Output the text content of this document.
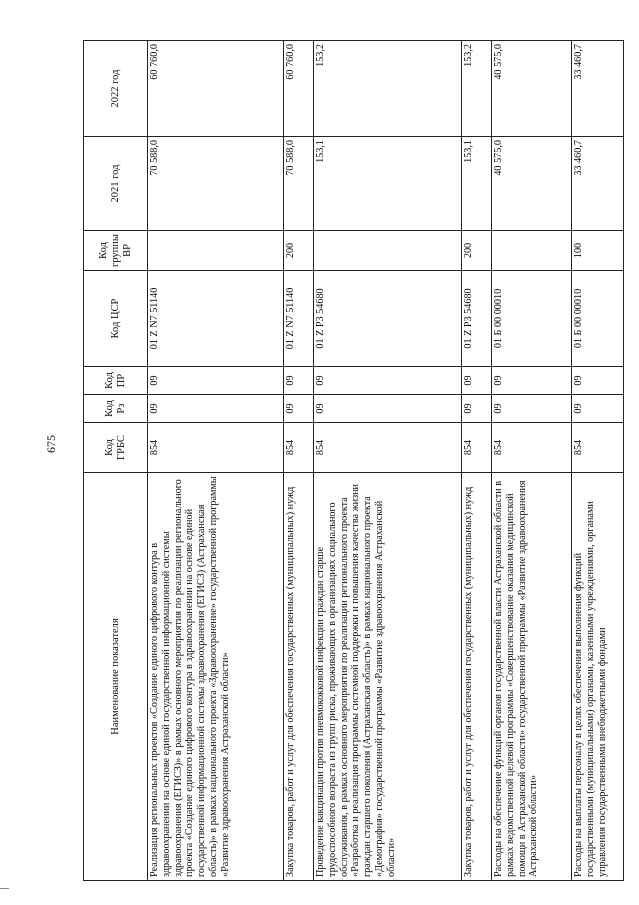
675
Наименование показателя	Код ГРБС	Код Рз	Код ПР	Код ЦСР	Код группы ВР	2021 год	2022 год
Реализация региональных проектов «Создание единого цифрового контура в здравоохранении на основе единой государственной информационной системы здравоохранения (ЕГИСЗ)» в рамках основного мероприятия по реализации регионального проекта «Создание единого цифрового контура в здравоохранении на основе единой государственной информационной системы здравоохранения (ЕГИСЗ) (Астраханская область)» в рамках национального проекта «Здравоохранение» государственной программы «Развитие здравоохранения Астраханской области»	854	09	09	01 Z N7 51140		70 588,0	60 760,0
Закупка товаров, работ и услуг для обеспечения государственных (муниципальных) нужд	854	09	09	01 Z N7 51140	200	70 588,0	60 760,0
Проведение вакцинации против пневмококковой инфекции граждан старше трудоспособного возраста из групп риска, проживающих в организациях социального обслуживания, в рамках основного мероприятия по реализации регионального проекта «Разработка и реализация программы системной поддержки и повышения качества жизни граждан старшего поколения (Астраханская область)» в рамках национального проекта «Демография» государственной программы «Развитие здравоохранения Астраханской области»	854	09	09	01 Z P3 54680		153,1	153,2
Закупка товаров, работ и услуг для обеспечения государственных (муниципальных) нужд	854	09	09	01 Z P3 54680	200	153,1	153,2
Расходы на обеспечение функций органов государственной власти Астраханской области в рамках ведомственной целевой программы «Совершенствование оказания медицинской помощи в Астраханской области» государственной программы «Развитие здравоохранения Астраханской области»	854	09	09	01 Б 00 00010		40 575,0	40 575,0
Расходы на выплаты персоналу в целях обеспечения выполнения функций государственными (муниципальными) органами, казенными учреждениями, органами управления государственными внебюджетными фондами	854	09	09	01 Б 00 00010	100	33 460,7	33 460,7
